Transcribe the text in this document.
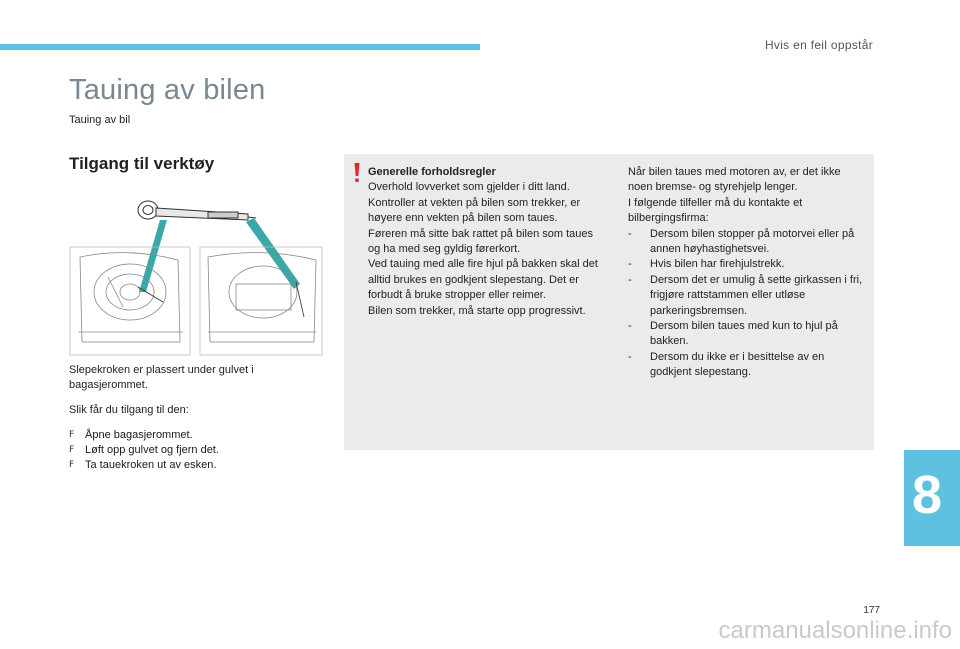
Hvis en feil oppstår
Tauing av bilen
Tauing av bil
Tilgang til verktøy
Slepekroken er plassert under gulvet i bagasjerommet.
Slik får du tilgang til den:
F Åpne bagasjerommet.
F Løft opp gulvet og fjern det.
F Ta tauekroken ut av esken.
Generelle forholdsregler
Overhold lovverket som gjelder i ditt land.
Kontroller at vekten på bilen som trekker, er høyere enn vekten på bilen som taues.
Føreren må sitte bak rattet på bilen som taues og ha med seg gyldig førerkort.
Ved tauing med alle fire hjul på bakken skal det alltid brukes en godkjent slepestang. Det er forbudt å bruke stropper eller reimer.
Bilen som trekker, må starte opp progressivt.
Når bilen taues med motoren av, er det ikke noen bremse- og styrehjelp lenger.
I følgende tilfeller må du kontakte et bilbergingsfirma:
-	Dersom bilen stopper på motorvei eller på annen høyhastighetsvei.
-	Hvis bilen har firehjulstrekk.
-	Dersom det er umulig å sette girkassen i fri, frigjøre rattstammen eller utløse parkeringsbremsen.
-	Dersom bilen taues med kun to hjul på bakken.
-	Dersom du ikke er i besittelse av en godkjent slepestang.
8
177
carmanualsonline.info
